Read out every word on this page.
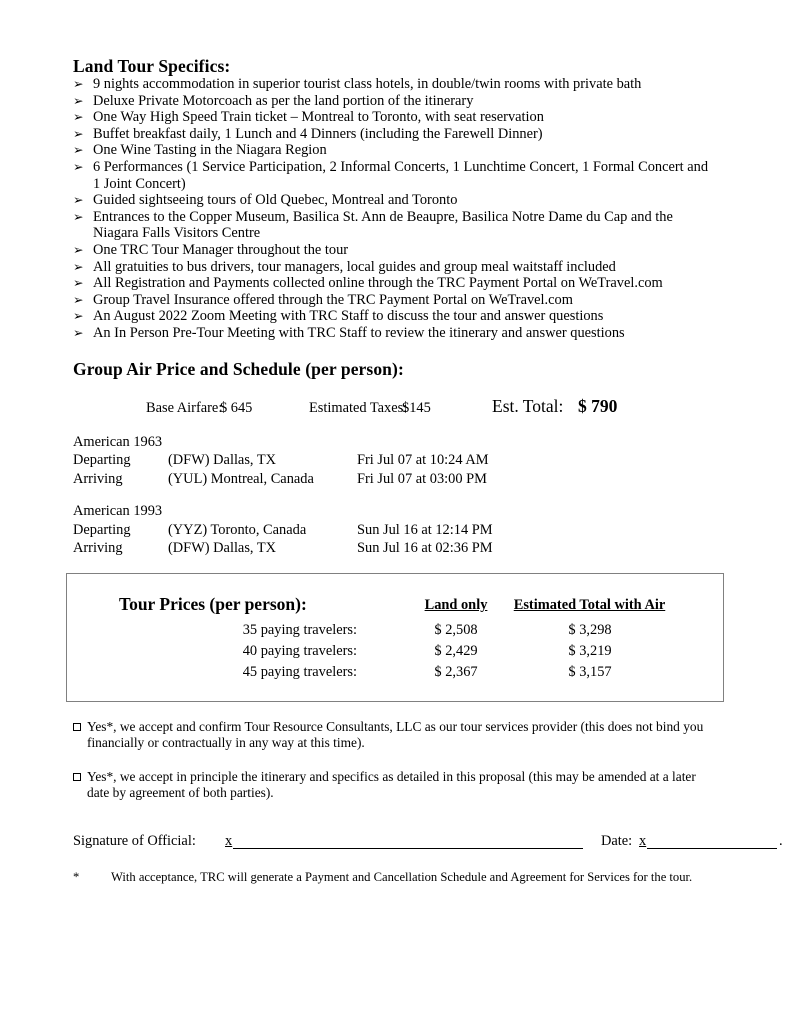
Land Tour Specifics:
➢ 9 nights accommodation in superior tourist class hotels, in double/twin rooms with private bath
➢ Deluxe Private Motorcoach as per the land portion of the itinerary
➢ One Way High Speed Train ticket – Montreal to Toronto, with seat reservation
➢ Buffet breakfast daily, 1 Lunch and 4 Dinners (including the Farewell Dinner)
➢ One Wine Tasting in the Niagara Region
➢ 6 Performances (1 Service Participation, 2 Informal Concerts, 1 Lunchtime Concert, 1 Formal Concert and 1 Joint Concert)
➢ Guided sightseeing tours of Old Quebec, Montreal and Toronto
➢ Entrances to the Copper Museum, Basilica St. Ann de Beaupre, Basilica Notre Dame du Cap and the Niagara Falls Visitors Centre
➢ One TRC Tour Manager throughout the tour
➢ All gratuities to bus drivers, tour managers, local guides and group meal waitstaff included
➢ All Registration and Payments collected online through the TRC Payment Portal on WeTravel.com
➢ Group Travel Insurance offered through the TRC Payment Portal on WeTravel.com
➢ An August 2022 Zoom Meeting with TRC Staff to discuss the tour and answer questions
➢ An In Person Pre-Tour Meeting with TRC Staff to review the itinerary and answer questions
Group Air Price and Schedule (per person):
Base Airfare:
$ 645	Estimated Taxes:
$145	Est. Total: $ 790
American 1963
Departing	(DFW) Dallas, TX	Fri Jul 07 at 10:24 AM
Arriving	(YUL) Montreal, Canada	Fri Jul 07 at 03:00 PM
American 1993
Departing	(YYZ) Toronto, Canada	Sun Jul 16 at 12:14 PM
Arriving	(DFW) Dallas, TX	Sun Jul 16 at 02:36 PM
Tour Prices (per person):	Land only	Estimated Total with Air
35 paying travelers:	$ 2,508	$ 3,298
40 paying travelers:	$ 2,429	$ 3,219
45 paying travelers:	$ 2,367	$ 3,157
Yes*, we accept and confirm Tour Resource Consultants, LLC as our tour services provider (this does not bind you financially or contractually in any way at this time).
Yes*, we accept in principle the itinerary and specifics as detailed in this proposal (this may be amended at a later date by agreement of both parties).
Signature of Official: x	Date: x	.
*	With acceptance, TRC will generate a Payment and Cancellation Schedule and Agreement for Services for the tour.
